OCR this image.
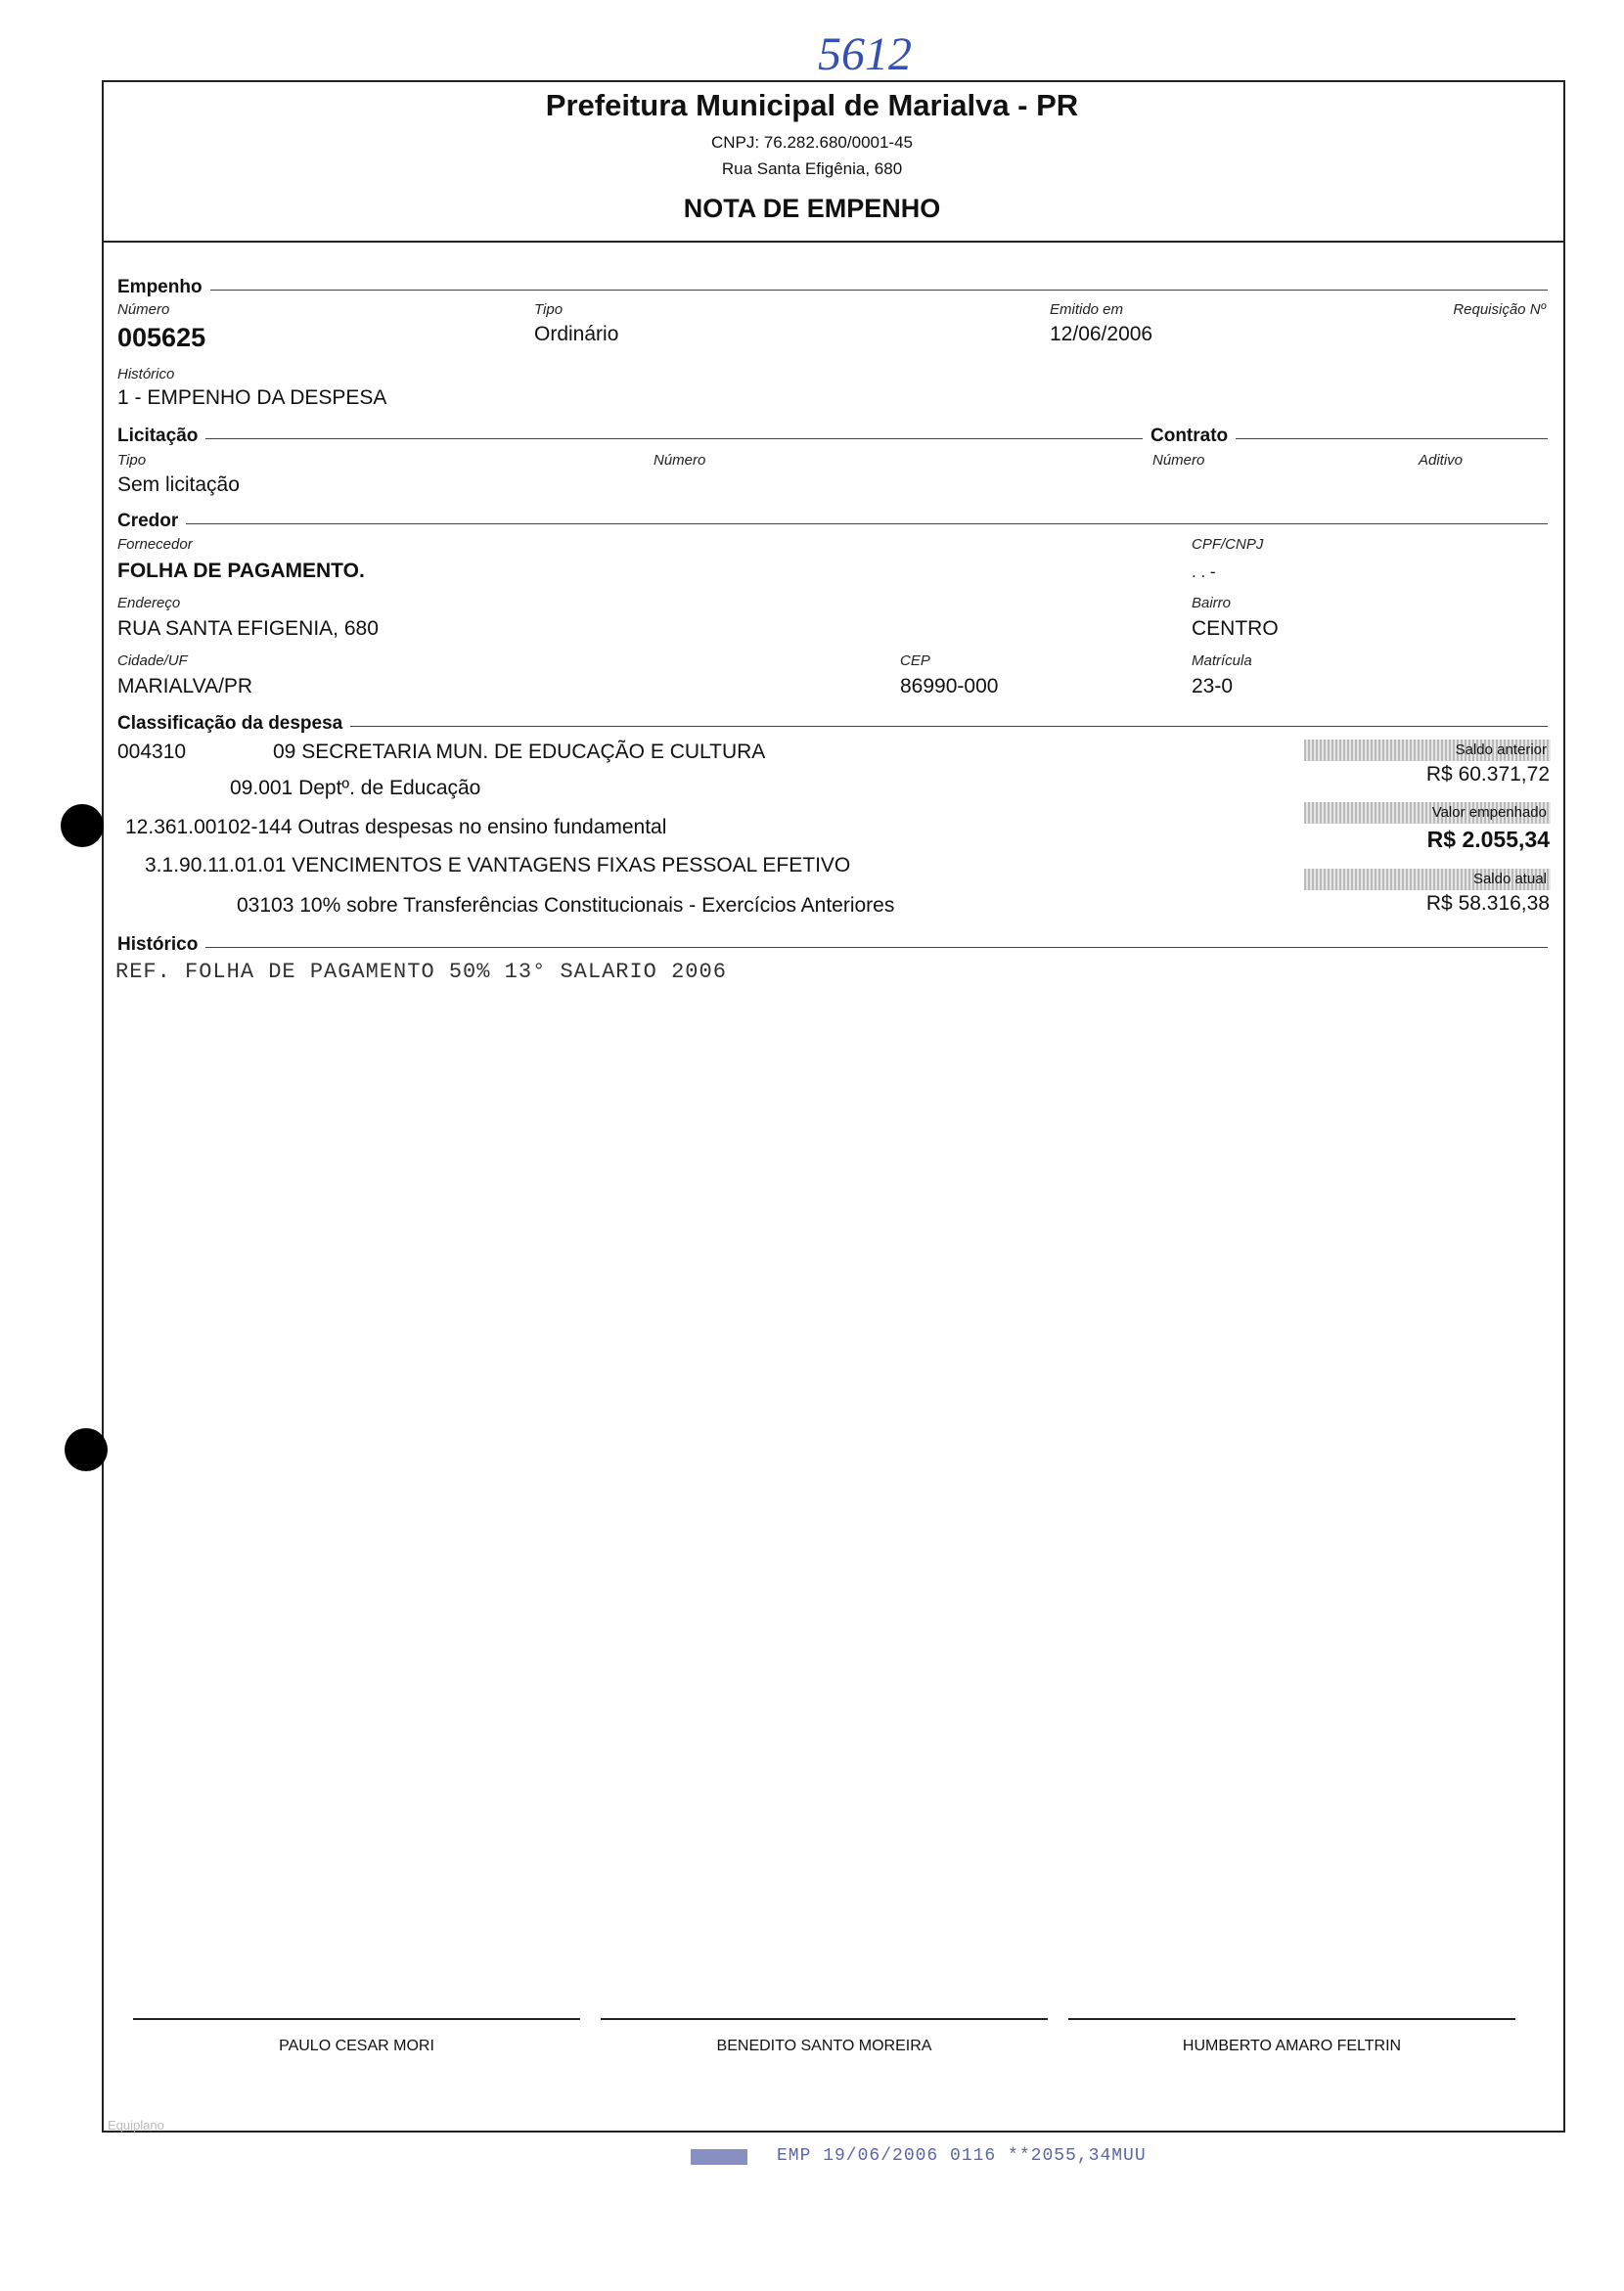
5612
Prefeitura Municipal de Marialva - PR
CNPJ: 76.282.680/0001-45
Rua Santa Efigênia, 680
NOTA DE EMPENHO
Empenho
Número
005625
Tipo
Ordinário
Emitido em
12/06/2006
Requisição Nº
Histórico
1 - EMPENHO DA DESPESA
Licitação	Contrato
Tipo
Sem licitação
Número	Número	Aditivo
Credor
Fornecedor
FOLHA DE PAGAMENTO.
CPF/CNPJ
. . -
Endereço
RUA SANTA EFIGENIA, 680
Bairro
CENTRO
Cidade/UF
MARIALVA/PR
CEP
86990-000
Matrícula
23-0
Classificação da despesa
004310	09 SECRETARIA MUN. DE EDUCAÇÃO E CULTURA
09.001 Deptº. de Educação
12.361.00102-144 Outras despesas no ensino fundamental
3.1.90.11.01.01 VENCIMENTOS E VANTAGENS FIXAS PESSOAL EFETIVO
03103 10% sobre Transferências Constitucionais - Exercícios Anteriores
Saldo anterior
R$ 60.371,72
Valor empenhado
R$ 2.055,34
Saldo atual
R$ 58.316,38
Histórico
REF. FOLHA DE PAGAMENTO 50% 13° SALARIO 2006
PAULO CESAR MORI	BENEDITO SANTO MOREIRA	HUMBERTO AMARO FELTRIN
Equiplano
EMP 19/06/2006 0116 **2055,34MUU
